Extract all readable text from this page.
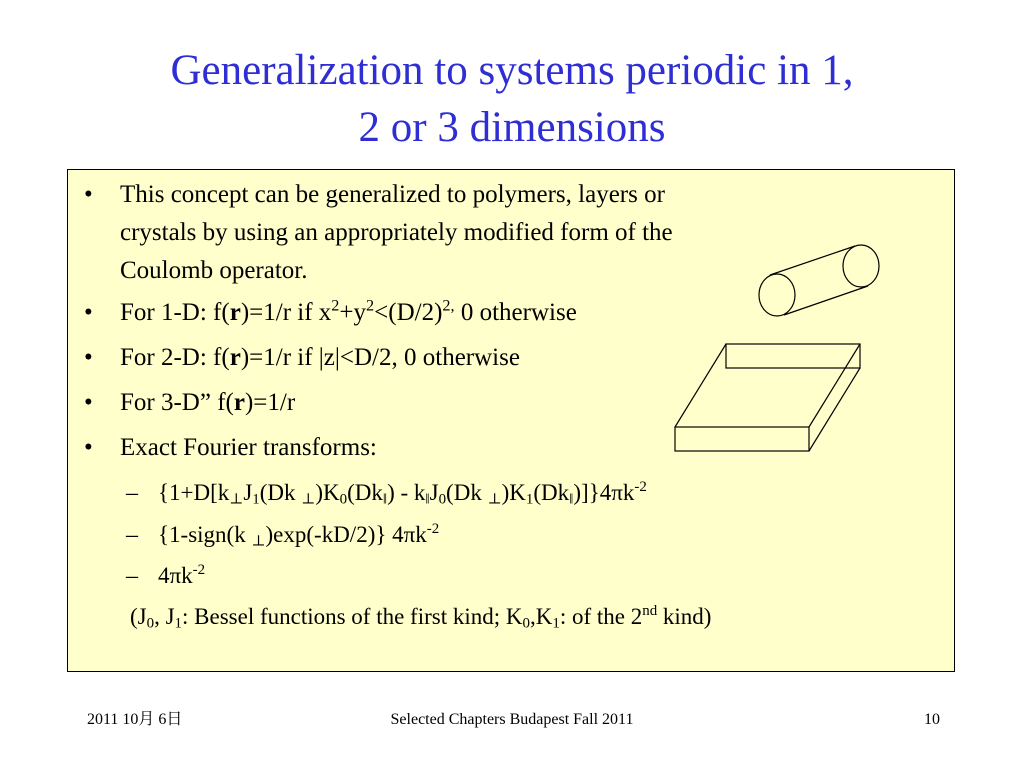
Generalization to systems periodic in 1,
2 or 3 dimensions
• This concept can be generalized to polymers, layers or
crystals by using an appropriately modified form of the
Coulomb operator.
• For 1-D: f(r)=1/r if $x^2+y^2<(D/2)^{2,}$ 0 otherwise
• For 2-D: f(r)=1/r if |z|<D/2, 0 otherwise
• For 3-D” f(r)=1/r
• Exact Fourier transforms:
– {$1+D[k_\perp J_1(Dk$ $_\perp)K_0(Dk_‖) - k_‖J_0(Dk$ $_\perp)K_1(Dk_‖)]\}4\pi k^{-2}$
– {1-sign(k $_\perp$)exp(-kD/2)} $4\pi k^{-2}$
– $4\pi k^{-2}$
($J_0$, $J_1$: Bessel functions of the first kind; $K_0,K_1$: of the 2nd kind)
2011 10月 6日	Selected Chapters Budapest Fall 2011	10
